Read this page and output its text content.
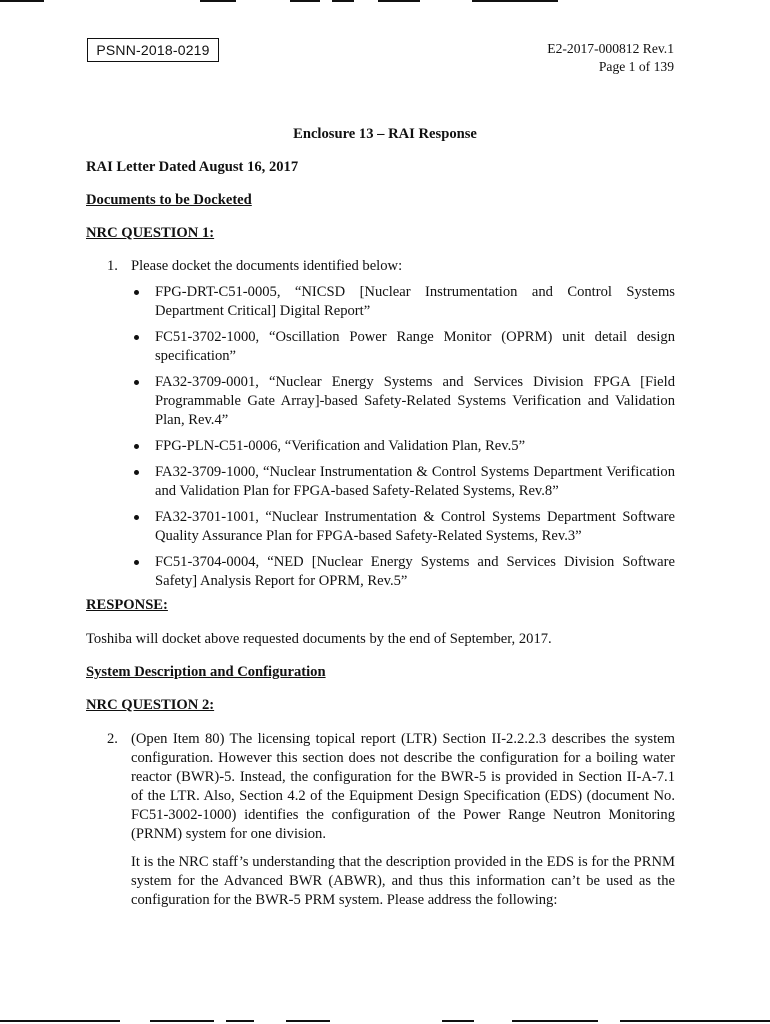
PSNN-2018-0219	E2-2017-000812 Rev.1
Page 1 of 139
Enclosure 13 – RAI Response
RAI Letter Dated August 16, 2017
Documents to be Docketed
NRC QUESTION 1:
1. Please docket the documents identified below:
FPG-DRT-C51-0005, “NICSD [Nuclear Instrumentation and Control Systems Department Critical] Digital Report”
FC51-3702-1000, “Oscillation Power Range Monitor (OPRM) unit detail design specification”
FA32-3709-0001, “Nuclear Energy Systems and Services Division FPGA [Field Programmable Gate Array]-based Safety-Related Systems Verification and Validation Plan, Rev.4”
FPG-PLN-C51-0006, “Verification and Validation Plan, Rev.5”
FA32-3709-1000, “Nuclear Instrumentation & Control Systems Department Verification and Validation Plan for FPGA-based Safety-Related Systems, Rev.8”
FA32-3701-1001, “Nuclear Instrumentation & Control Systems Department Software Quality Assurance Plan for FPGA-based Safety-Related Systems, Rev.3”
FC51-3704-0004, “NED [Nuclear Energy Systems and Services Division Software Safety] Analysis Report for OPRM, Rev.5”
RESPONSE:
Toshiba will docket above requested documents by the end of September, 2017.
System Description and Configuration
NRC QUESTION 2:
2. (Open Item 80) The licensing topical report (LTR) Section II-2.2.2.3 describes the system configuration. However this section does not describe the configuration for a boiling water reactor (BWR)-5. Instead, the configuration for the BWR-5 is provided in Section II-A-7.1 of the LTR. Also, Section 4.2 of the Equipment Design Specification (EDS) (document No. FC51-3002-1000) identifies the configuration of the Power Range Neutron Monitoring (PRNM) system for one division.
It is the NRC staff’s understanding that the description provided in the EDS is for the PRNM system for the Advanced BWR (ABWR), and thus this information can’t be used as the configuration for the BWR-5 PRM system. Please address the following:
